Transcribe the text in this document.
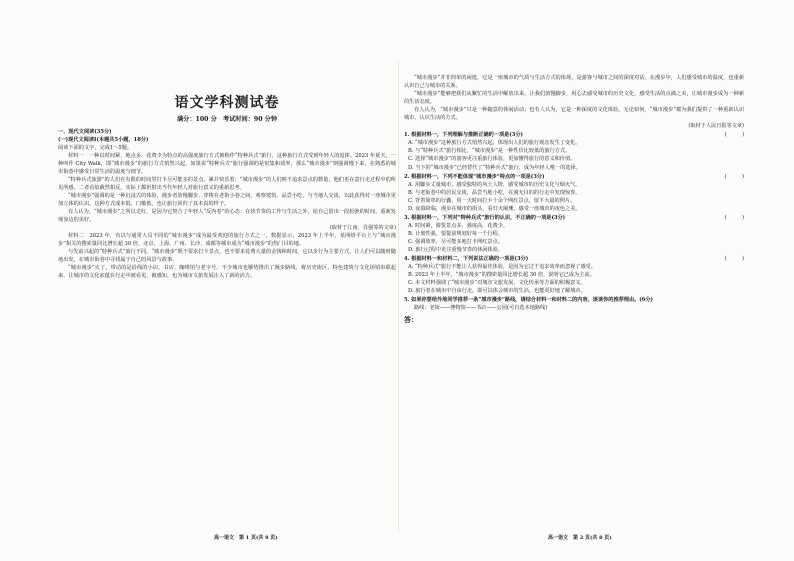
语文学科测试卷
满分：100 分　考试时间：90 分钟

一、现代文阅读(35分)

(一)现代文阅读Ⅰ(本题共5小题，18分)

阅读下面的文字，完成1～5题。

材料一　一种以时间紧、地点多、花费少为特点的高强度旅行方式被称作“特种兵式”旅行，这种旅行方式受到年轻人的追捧。2023 年夏天，一种叫作 City Walk，即“城市漫步”的旅行方式悄然兴起，如果说“特种兵式”旅行强调的是密集和效率，那么“城市漫步”则强调慢下来，在熟悉的城市街巷中感受日常生活的温度与细节。

“特种兵式旅游”的人们在有限的时间里打卡尽可能多的景点，累并快乐着；“城市漫步”的人们则不追求景点的数量，他们更在意行走过程中的所见所感。二者看似截然相反，实际上都折射出当代年轻人对旅行意义的重新思考。

“城市漫步”强调的是一种沉浸式的体验，漫步者放慢脚步，穿梭在老街小巷之间，观察建筑、品尝小吃、与当地人交谈，以此获得对一座城市更加立体的认识。这种方式成本低、门槛低，也让旅行回归了其本真的样子。

有人认为，“城市漫步”之所以走红，是因为它契合了年轻人“反内卷”的心态：在快节奏的工作与生活之外，给自己留出一段松弛的时间，重新发现身边的美好。

(取材于江南，肖强等的文章)

材料二　2023 年，有以与通常人员不同的“城市漫步”成为最受欢迎的旅行方式之一。数据显示，2023 年上半年，某网络平台上与“城市漫步”相关的搜索量同比增长超 30 倍，北京、上海、广州、长沙、成都等城市成为“城市漫步”的热门目的地。

与先前兴起的“特种兵式”旅行不同，“城市漫步”既不要求打卡景点，也不要求花费大量的金钱和时间，它以步行为主要方式，让人们可以随时随地出发，在城市街巷中寻找属于自己的风景与故事。

“城市漫步”火了，带动的是沿线的小店、书店、咖啡馆与老字号，不少城市也顺势推出了漫步路线，将历史街区、特色建筑与文化场馆串联起来，让城市的文化底蕴在行走中被看见、被感知，也为城市文旅发展注入了新的活力。

“城市漫步”并非简单的闲逛，它是一座城市的气质与生活方式的体现，是游客与城市之间的深度对话。在漫步中，人们感受城市的温度，也重新认识自己与城市的关系。

“城市漫步”能够把我们从繁忙的生活中解放出来，让我们放慢脚步，用心去感受城市的历史文化，感受生活的点滴之美，让城市漫步成为一种新的生活态度。

有人认为，“城市漫步”只是一种随意的休闲活动；也有人认为，它是一种深度的文化体验。无论如何，“城市漫步”都为我们提供了一种重新认识城市、认识生活的方式。

(取材于人民日报等文章)

1. 根据材料一，下列理解与推断正确的一项是(3分)	(　　　)

A. “城市漫步”这种旅行方式悄然兴起，体现出人们的旅行观念发生了变化。

B. 与“特种兵式”旅行相比，“城市漫步”是一种性价比较低的旅行方式。

C. 选择“城市漫步”的游客更注重旅行体验，更加懂得旅行的意义和价值。

D. 当下的“城市漫步”已经替代了“特种兵式”旅行，成为年轻人唯一的选择。

2. 根据材料一，下列不能体现“城市漫步”特点的一项是(3分)	(　　　)

A. 用脚步丈量城市，感受独特的风土人情，感受城市的历史文化与烟火气。

B. 与老街巷中的居民交谈，品尝当地小吃，在漫无目的的行走中发现惊喜。

C. 背着简单的行囊，用一天时间打卡十余个网红景点，留下大量的照片。

D. 夜幕降临，漫步在城市的街头，看灯火阑珊，感受一座城市的夜色之美。

3. 根据材料一，下列对“特种兵式”旅行的认识，不正确的一项是(3分)	(　　　)

A. 时间紧，游览景点多，强度高，花费少。

B. 计划性强，要提前规划好每一个行程。

C. 强调效率，尽可能多地打卡网红景点。

D. 旅行过程中更注重慢节奏的休闲体验。

4. 根据材料一和材料二，下列说法正确的一项是(3分)	(　　　)

A. “特种兵式”旅行不能让人获得最佳体验，是因为它过于追求效率而忽视了感受。

B. 2023 年上半年，“城市漫步”的搜索量同比增长超 30 倍，说明它已成为主流。

C. 本文材料强调了“城市漫步”对城市文旅发展、文化传承等方面的积极意义。

D. 旅行者在城市中自由行走，即可以体会城市的生活，也能更好地了解城市。

5. 如果你要给外地同学推荐一条“城市漫步”路线，请结合材料一和材料二的内容，谈谈你的推荐理由。(6分)

路线：老街——博物馆——书店——公园(可自选本地路线)

答：

高一语文　第 1 页(共 8 页)	高一语文　第 2 页(共 8 页)
